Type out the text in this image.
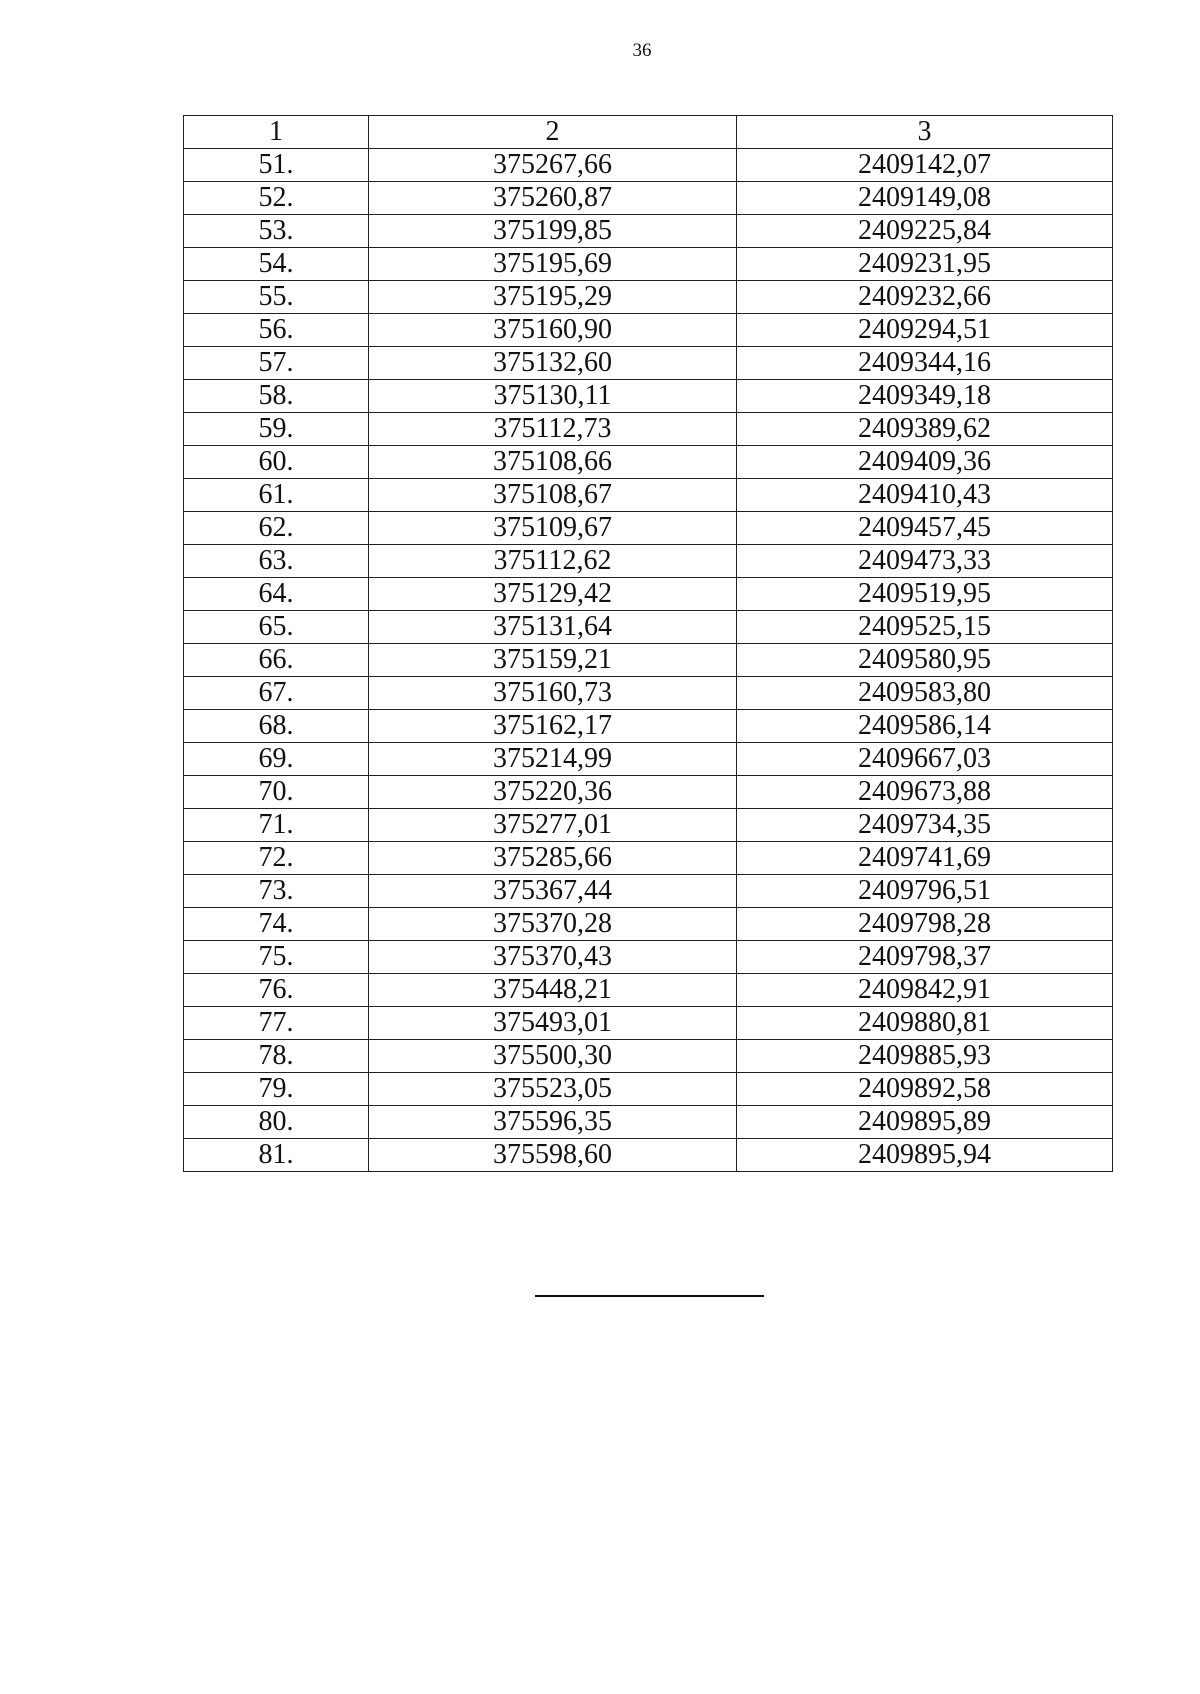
36
1	2	3
51.	375267,66	2409142,07
52.	375260,87	2409149,08
53.	375199,85	2409225,84
54.	375195,69	2409231,95
55.	375195,29	2409232,66
56.	375160,90	2409294,51
57.	375132,60	2409344,16
58.	375130,11	2409349,18
59.	375112,73	2409389,62
60.	375108,66	2409409,36
61.	375108,67	2409410,43
62.	375109,67	2409457,45
63.	375112,62	2409473,33
64.	375129,42	2409519,95
65.	375131,64	2409525,15
66.	375159,21	2409580,95
67.	375160,73	2409583,80
68.	375162,17	2409586,14
69.	375214,99	2409667,03
70.	375220,36	2409673,88
71.	375277,01	2409734,35
72.	375285,66	2409741,69
73.	375367,44	2409796,51
74.	375370,28	2409798,28
75.	375370,43	2409798,37
76.	375448,21	2409842,91
77.	375493,01	2409880,81
78.	375500,30	2409885,93
79.	375523,05	2409892,58
80.	375596,35	2409895,89
81.	375598,60	2409895,94
